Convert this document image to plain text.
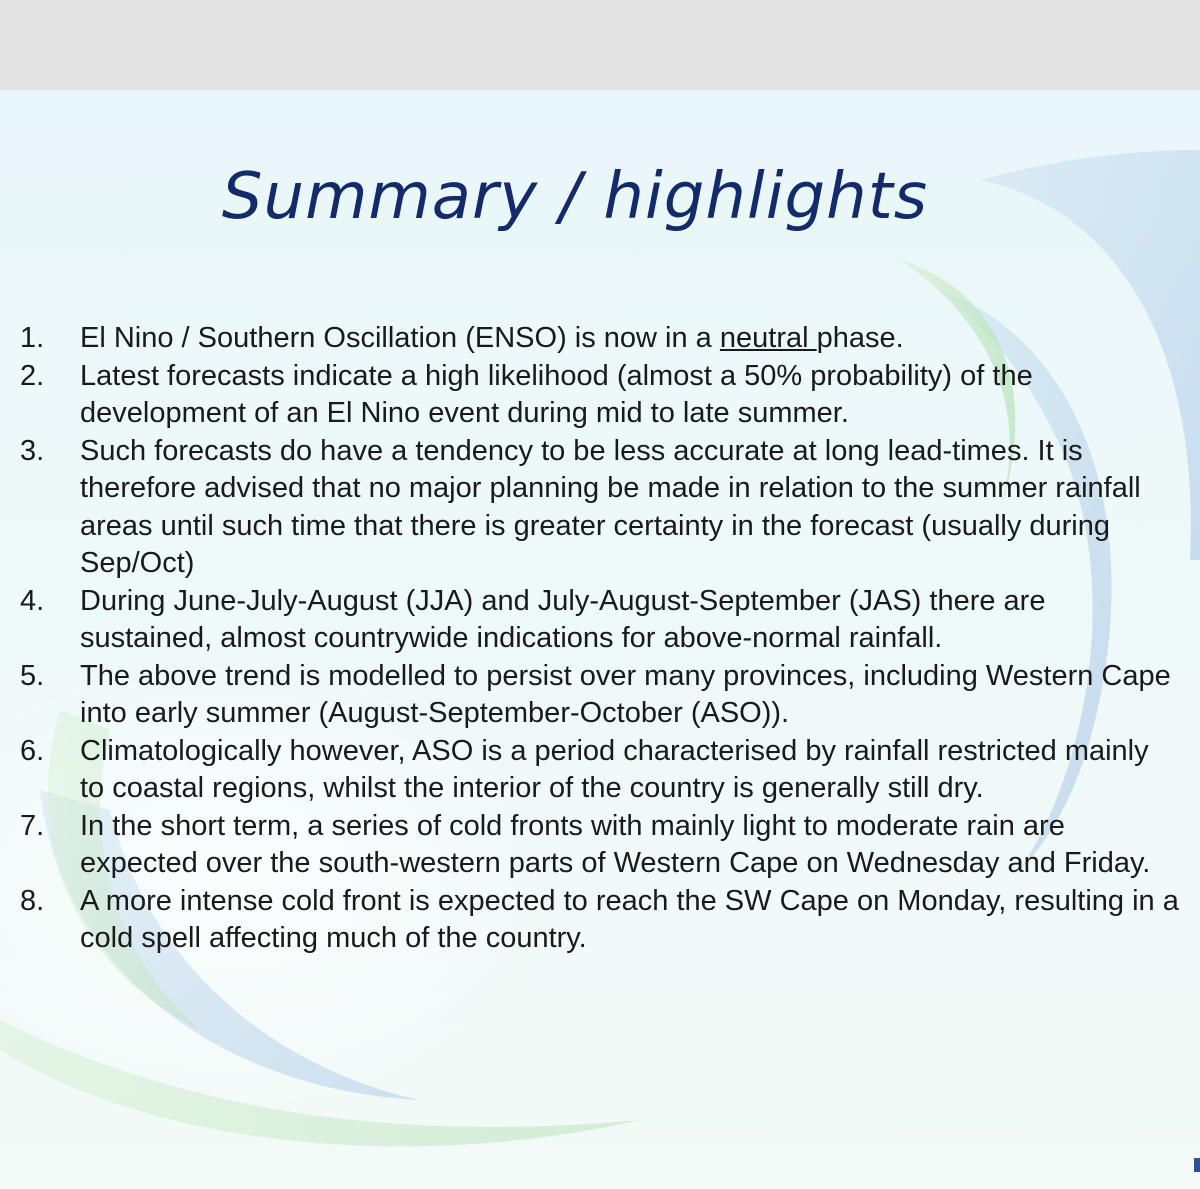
Summary / highlights
1.	El Nino / Southern Oscillation (ENSO) is now in a neutral phase.
2.	Latest forecasts indicate a high likelihood (almost a 50% probability) of the development of an El Nino event during mid to late summer.
3.	Such forecasts do have a tendency to be less accurate at long lead-times. It is therefore advised that no major planning be made in relation to the summer rainfall areas until such time that there is greater certainty in the forecast (usually during Sep/Oct)
4.	During June-July-August (JJA) and July-August-September (JAS) there are sustained, almost countrywide indications for above-normal rainfall.
5.	The above trend is modelled to persist over many provinces, including Western Cape into early summer (August-September-October (ASO)).
6.	Climatologically however, ASO is a period characterised by rainfall restricted mainly to coastal regions, whilst the interior of the country is generally still dry.
7.	In the short term, a series of cold fronts with mainly light to moderate rain are expected over the south-western parts of Western Cape on Wednesday and Friday.
8.	A more intense cold front is expected to reach the SW Cape on Monday, resulting in a cold spell affecting much of the country.
